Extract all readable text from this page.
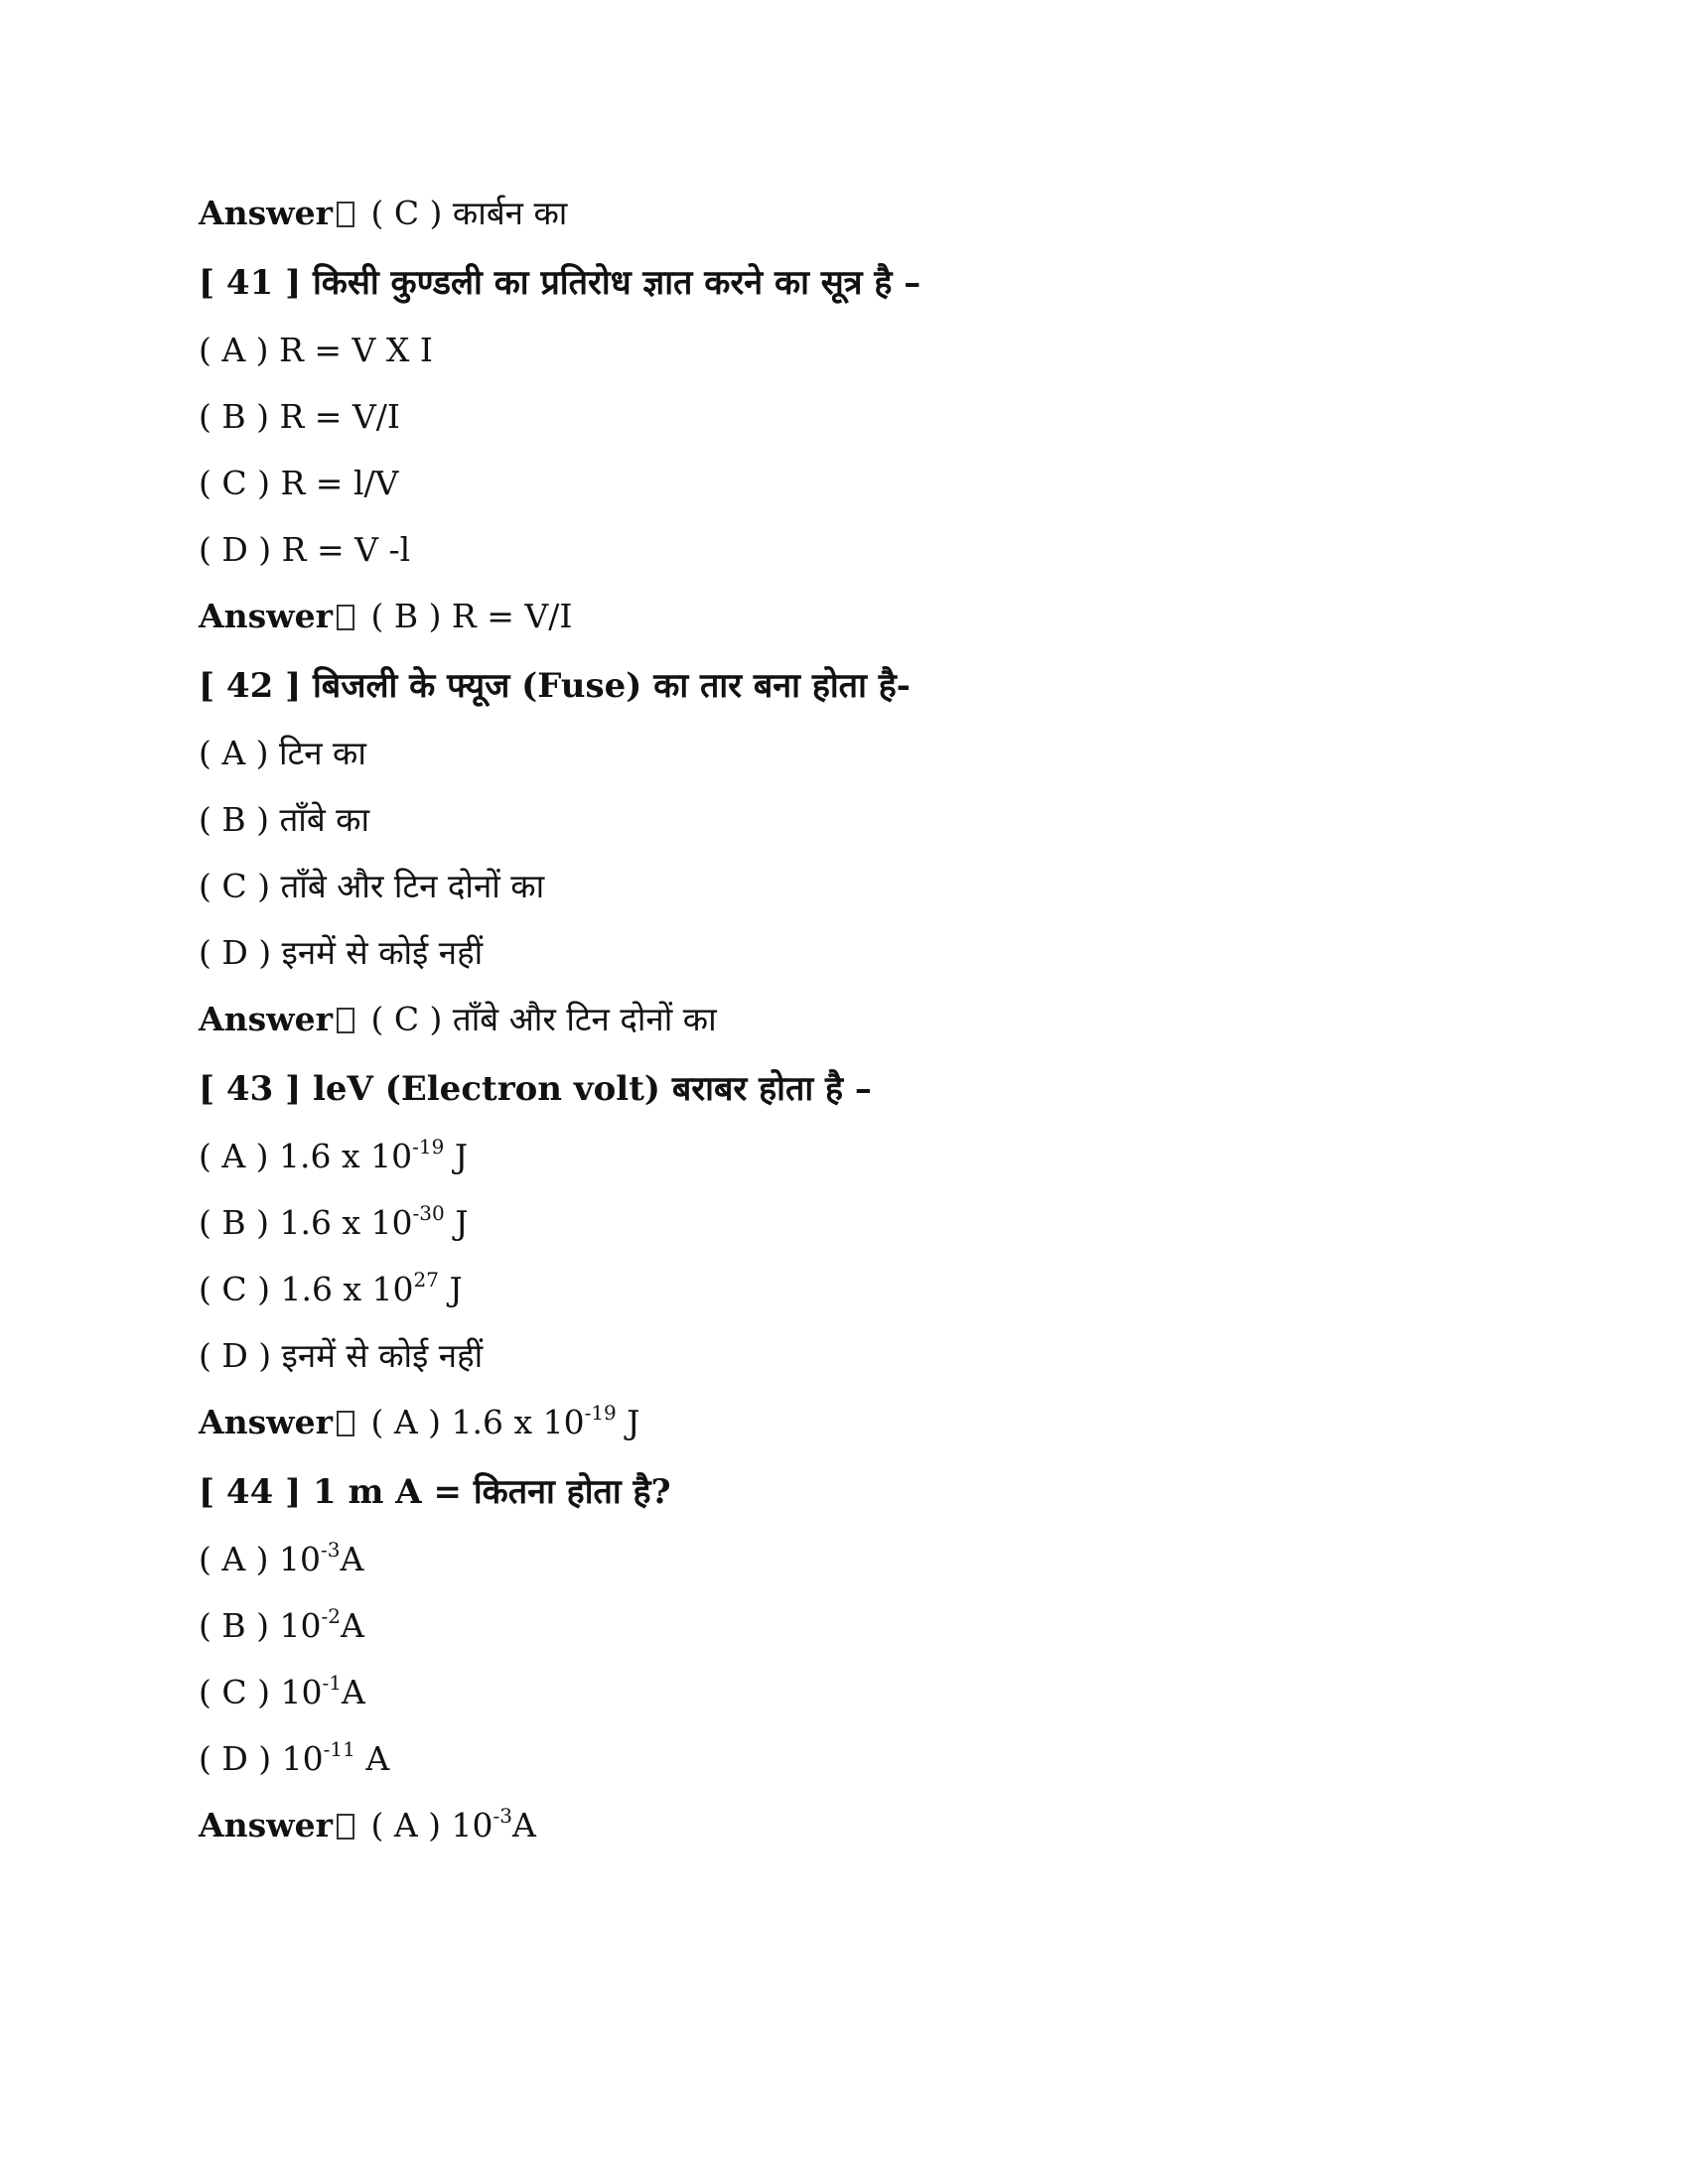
Answer ( C ) कार्बन का
[ 41 ] किसी कुण्डली का प्रतिरोध ज्ञात करने का सूत्र है –
( A ) R = V X I
( B ) R = V/I
( C ) R = l/V
( D ) R = V -l
Answer ( B ) R = V/I
[ 42 ] बिजली के फ्यूज (Fuse) का तार बना होता है-
( A ) टिन का
( B ) ताँबे का
( C ) ताँबे और टिन दोनों का
( D ) इनमें से कोई नहीं
Answer ( C ) ताँबे और टिन दोनों का
[ 43 ] leV (Electron volt) बराबर होता है –
( A ) 1.6 x $10^{-19}$ J
( B ) 1.6 x $10^{-30}$ J
( C ) 1.6 x $10^{27}$ J
( D ) इनमें से कोई नहीं
Answer ( A ) 1.6 x $10^{-19}$ J
[ 44 ] 1 m A = कितना होता है?
( A ) $10^{-3}A$
( B ) $10^{-2}A$
( C ) $10^{-1}A$
( D ) $10^{-11}$ A
Answer ( A ) $10^{-3}A$
